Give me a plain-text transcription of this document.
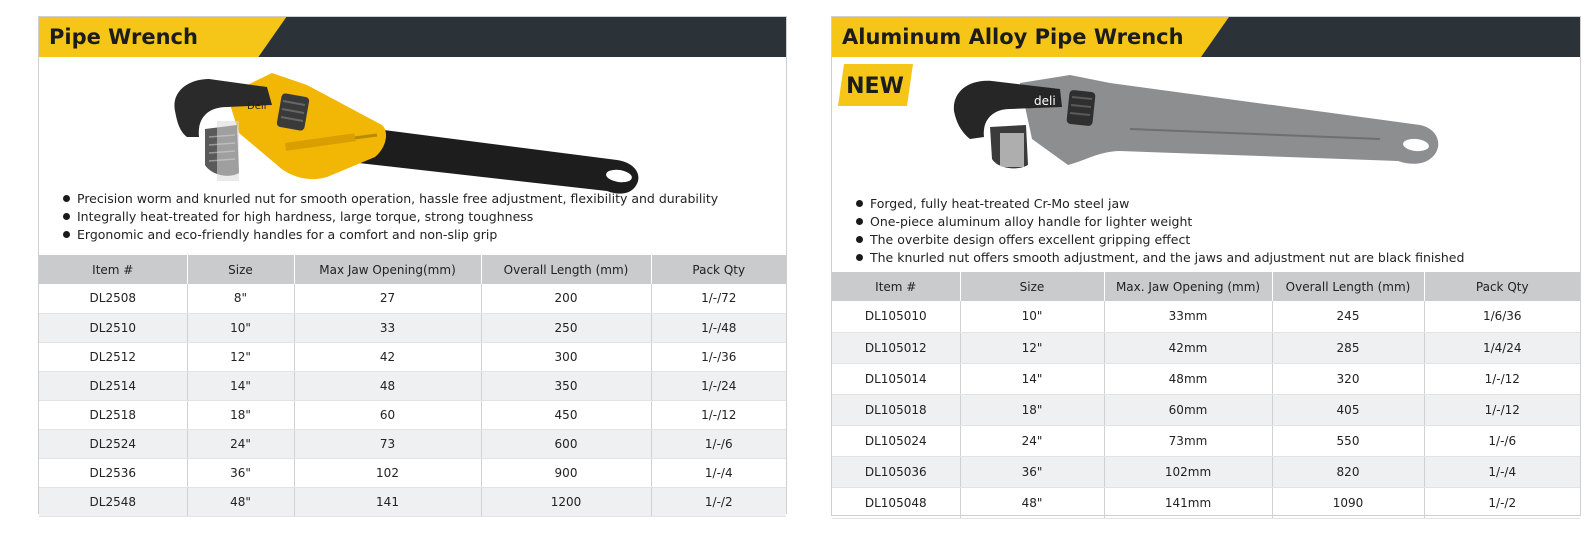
Pipe Wrench
Deli
Precision worm and knurled nut for smooth operation, hassle free adjustment, flexibility and durability
Integrally heat-treated for high hardness, large torque, strong toughness
Ergonomic and eco-friendly handles for a comfort and non-slip grip
Item #	Size	Max Jaw Opening(mm)	Overall Length (mm)	Pack Qty
DL2508	8"	27	200	1/-/72
DL2510	10"	33	250	1/-/48
DL2512	12"	42	300	1/-/36
DL2514	14"	48	350	1/-/24
DL2518	18"	60	450	1/-/12
DL2524	24"	73	600	1/-/6
DL2536	36"	102	900	1/-/4
DL2548	48"	141	1200	1/-/2
Aluminum Alloy Pipe Wrench
deli
Forged, fully heat-treated Cr-Mo steel jaw
One-piece aluminum alloy handle for lighter weight
The overbite design offers excellent gripping effect
The knurled nut offers smooth adjustment, and the jaws and adjustment nut are black finished
Item #	Size	Max. Jaw Opening (mm)	Overall Length (mm)	Pack Qty
DL105010	10"	33mm	245	1/6/36
DL105012	12"	42mm	285	1/4/24
DL105014	14"	48mm	320	1/-/12
DL105018	18"	60mm	405	1/-/12
DL105024	24"	73mm	550	1/-/6
DL105036	36"	102mm	820	1/-/4
DL105048	48"	141mm	1090	1/-/2
NEW
